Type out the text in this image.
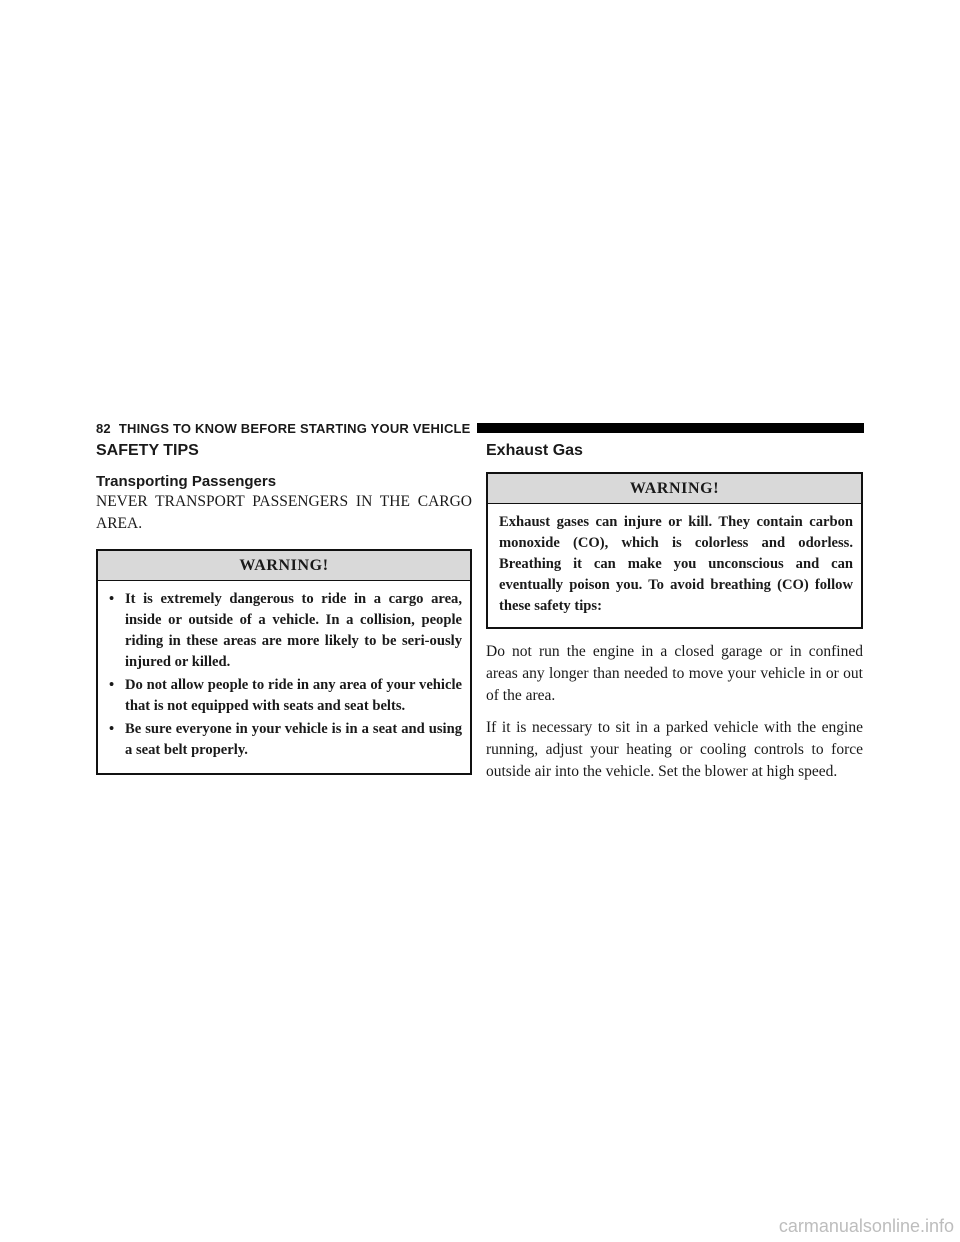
82 THINGS TO KNOW BEFORE STARTING YOUR VEHICLE
SAFETY TIPS
Transporting Passengers

NEVER TRANSPORT PASSENGERS IN THE CARGO AREA.

WARNING!
• It is extremely dangerous to ride in a cargo area, inside or outside of a vehicle. In a collision, people riding in these areas are more likely to be seri-ously injured or killed.
• Do not allow people to ride in any area of your vehicle that is not equipped with seats and seat belts.
• Be sure everyone in your vehicle is in a seat and using a seat belt properly.
Exhaust Gas
WARNING!

Exhaust gases can injure or kill. They contain carbon monoxide (CO), which is colorless and odorless. Breathing it can make you unconscious and can eventually poison you. To avoid breathing (CO) follow these safety tips:

Do not run the engine in a closed garage or in confined areas any longer than needed to move your vehicle in or out of the area.

If it is necessary to sit in a parked vehicle with the engine running, adjust your heating or cooling controls to force outside air into the vehicle. Set the blower at high speed.

carmanualsonline.info
